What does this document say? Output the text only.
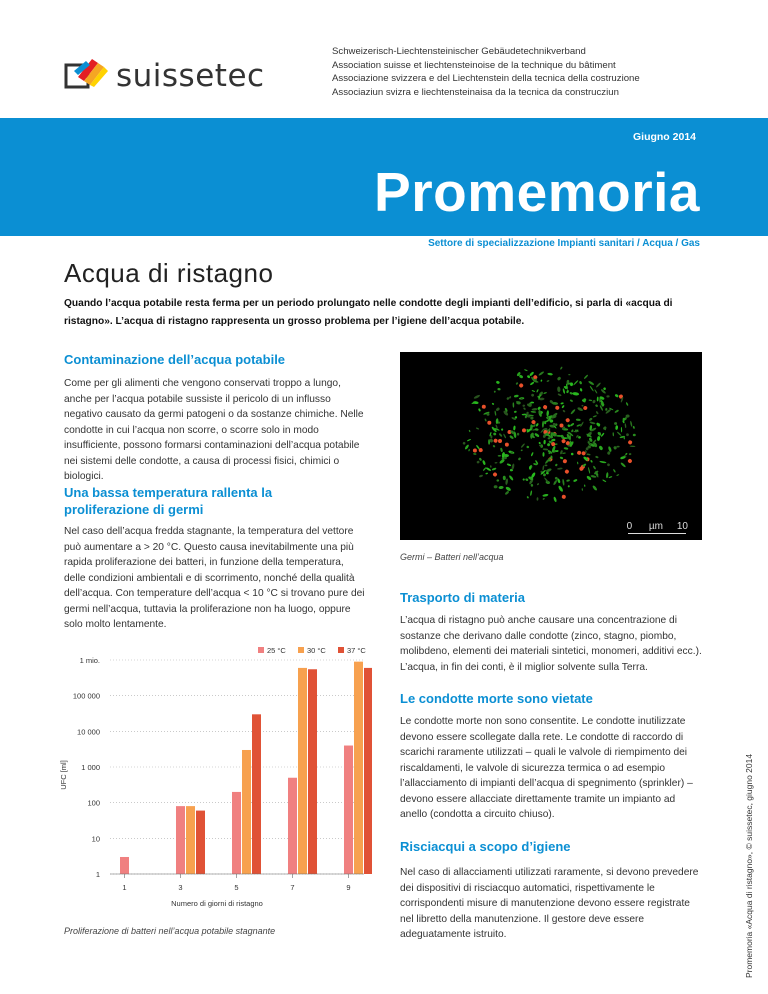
suissetec
Schweizerisch-Liechtensteinischer Gebäudetechnikverband
Association suisse et liechtensteinoise de la technique du bâtiment
Associazione svizzera e del Liechtenstein della tecnica della costruzione
Associaziun svizra e liechtensteinaisa da la tecnica da construcziun
Giugno 2014
Promemoria
Settore di specializzazione Impianti sanitari / Acqua / Gas
Acqua di ristagno
Quando l’acqua potabile resta ferma per un periodo prolungato nelle condotte degli impianti dell’edificio, si parla di «acqua di ristagno». L’acqua di ristagno rappresenta un grosso problema per l’igiene dell’acqua potabile.
Contaminazione dell’acqua potabile
Come per gli alimenti che vengono conservati troppo a lungo, anche per l’acqua potabile sussiste il pericolo di un influsso negativo causato da germi patogeni o da sostanze chimiche. Nelle condotte in cui l’acqua non scorre, o scorre solo in modo insufficiente, possono formarsi contaminazioni dell’acqua potabile nei sistemi delle condotte, a causa di processi fisici, chimici o biologici.
Una bassa temperatura rallenta la proliferazione di germi
Nel caso dell’acqua fredda stagnante, la temperatura del vettore può aumentare a > 20 °C. Questo causa inevitabilmente una più rapida proliferazione dei batteri, in funzione della temperatura, delle condizioni ambientali e di scorrimento, nonché della qualità dell’acqua. Con temperature dell’acqua < 10 °C si trovano pure dei germi nell’acqua, tuttavia la proliferazione non ha luogo, oppure solo molto lentamente.
1
10
100
1 000
10 000
100 000
1 mio.
UFC [ml]
1	3	5	7	9
Numero di giorni di ristagno
25 °C	30 °C	37 °C
Proliferazione di batteri nell’acqua potabile stagnante
0      µm     10
Germi – Batteri nell’acqua
Trasporto di materia
L’acqua di ristagno può anche causare una concentrazione di sostanze che derivano dalle condotte (zinco, stagno, piombo, molibdeno, elementi dei materiali sintetici, monomeri, additivi ecc.). L’acqua, in fin dei conti, è il miglior solvente sulla Terra.
Le condotte morte sono vietate
Le condotte morte non sono consentite. Le condotte inutilizzate devono essere scollegate dalla rete. Le condotte di raccordo di scarichi raramente utilizzati – quali le valvole di riempimento dei riscaldamenti, le valvole di sicurezza termica o ad esempio l’allacciamento di impianti dell’acqua di spegnimento (sprinkler) – devono essere allacciate direttamente tramite un impianto ad anello (condotta a circuito chiuso).
Risciacqui a scopo d’igiene
Nel caso di allacciamenti utilizzati raramente, si devono prevedere dei dispositivi di risciacquo automatici, rispettivamente le corrispondenti misure di manutenzione devono essere registrate nel libretto della manutenzione. Il gestore deve essere adeguatamente istruito.	Promemoria «Acqua di ristagno», © suissetec, giugno 2014
